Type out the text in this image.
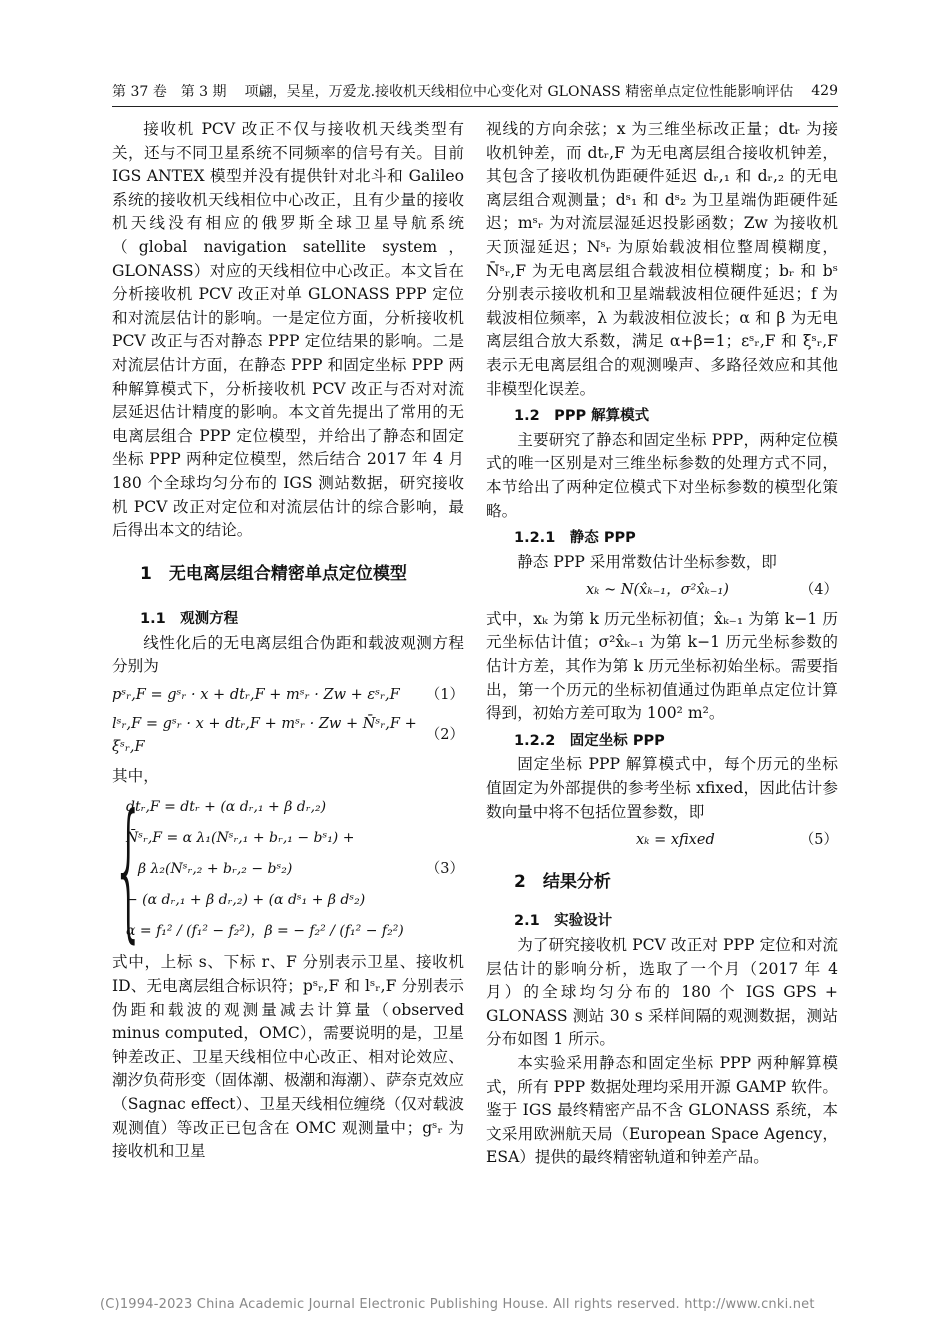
第 37 卷　第 3 期 项翩，吴星，万爱龙.接收机天线相位中心变化对 GLONASS 精密单点定位性能影响评估 429

接收机 PCV 改正不仅与接收机天线类型有关，还与不同卫星系统不同频率的信号有关。目前 IGS ANTEX 模型并没有提供针对北斗和 Galileo 系统的接收机天线相位中心改正，且有少量的接收机天线没有相应的俄罗斯全球卫星导航系统（global navigation satellite system，GLONASS）对应的天线相位中心改正。本文旨在分析接收机 PCV 改正对单 GLONASS PPP 定位和对流层估计的影响。一是定位方面，分析接收机 PCV 改正与否对静态 PPP 定位结果的影响。二是对流层估计方面，在静态 PPP 和固定坐标 PPP 两种解算模式下，分析接收机 PCV 改正与否对对流层延迟估计精度的影响。本文首先提出了常用的无电离层组合 PPP 定位模型，并给出了静态和固定坐标 PPP 两种定位模型，然后结合 2017 年 4 月 180 个全球均匀分布的 IGS 测站数据，研究接收机 PCV 改正对定位和对流层估计的综合影响，最后得出本文的结论。

1　无电离层组合精密单点定位模型
1.1　观测方程

线性化后的无电离层组合伪距和载波观测方程分别为

pˢᵣ,F = gˢᵣ · x + dtᵣ,F + mˢᵣ · Zw + εˢᵣ,F （1）
lˢᵣ,F = gˢᵣ · x + dtᵣ,F + mˢᵣ · Zw + N̄ˢᵣ,F + ξˢᵣ,F
（2）

其中，

{
dtᵣ,F = dtᵣ + (α dᵣ,₁ + β dᵣ,₂)
N̄ˢᵣ,F = α λ₁(Nˢᵣ,₁ + bᵣ,₁ − bˢ₁) +
β λ₂(Nˢᵣ,₂ + bᵣ,₂ − bˢ₂)
− (α dᵣ,₁ + β dᵣ,₂) + (α dˢ₁ + β dˢ₂)
α = f₁² / (f₁² − f₂²)，β = − f₂² / (f₁² − f₂²)
（3）

式中，上标 s、下标 r、F 分别表示卫星、接收机 ID、无电离层组合标识符；pˢᵣ,F 和 lˢᵣ,F 分别表示伪距和载波的观测量减去计算量（observed minus computed，OMC），需要说明的是，卫星钟差改正、卫星天线相位中心改正、相对论效应、潮汐负荷形变（固体潮、极潮和海潮）、萨奈克效应（Sagnac effect）、卫星天线相位缠绕（仅对载波观测值）等改正已包含在 OMC 观测量中；gˢᵣ 为接收机和卫星

视线的方向余弦；x 为三维坐标改正量；dtᵣ 为接收机钟差，而 dtᵣ,F 为无电离层组合接收机钟差，其包含了接收机伪距硬件延迟 dᵣ,₁ 和 dᵣ,₂ 的无电离层组合观测量；dˢ₁ 和 dˢ₂ 为卫星端伪距硬件延迟；mˢᵣ 为对流层湿延迟投影函数；Zw 为接收机天顶湿延迟；Nˢᵣ 为原始载波相位整周模糊度，N̄ˢᵣ,F 为无电离层组合载波相位模糊度；bᵣ 和 bˢ 分别表示接收机和卫星端载波相位硬件延迟；f 为载波相位频率，λ 为载波相位波长；α 和 β 为无电离层组合放大系数，满足 α+β=1；εˢᵣ,F 和 ξˢᵣ,F 表示无电离层组合的观测噪声、多路径效应和其他非模型化误差。

1.2　PPP 解算模式

主要研究了静态和固定坐标 PPP，两种定位模式的唯一区别是对三维坐标参数的处理方式不同，本节给出了两种定位模式下对坐标参数的模型化策略。

1.2.1　静态 PPP

静态 PPP 采用常数估计坐标参数，即

xₖ ~ N(x̂ₖ₋₁，σ²x̂ₖ₋₁)	（4）

式中，xₖ 为第 k 历元坐标初值；x̂ₖ₋₁ 为第 k−1 历元坐标估计值；σ²x̂ₖ₋₁ 为第 k−1 历元坐标参数的估计方差，其作为第 k 历元坐标初始坐标。需要指出，第一个历元的坐标初值通过伪距单点定位计算得到，初始方差可取为 100² m²。

1.2.2　固定坐标 PPP

固定坐标 PPP 解算模式中，每个历元的坐标值固定为外部提供的参考坐标 xfixed，因此估计参数向量中将不包括位置参数，即

xₖ = xfixed	（5）
2　结果分析
2.1　实验设计

为了研究接收机 PCV 改正对 PPP 定位和对流层估计的影响分析，选取了一个月（2017 年 4 月）的全球均匀分布的 180 个 IGS GPS + GLONASS 测站 30 s 采样间隔的观测数据，测站分布如图 1 所示。

本实验采用静态和固定坐标 PPP 两种解算模式，所有 PPP 数据处理均采用开源 GAMP 软件。鉴于 IGS 最终精密产品不含 GLONASS 系统，本文采用欧洲航天局（European Space Agency，ESA）提供的最终精密轨道和钟差产品。

(C)1994-2023 China Academic Journal Electronic Publishing House. All rights reserved. http://www.cnki.net
